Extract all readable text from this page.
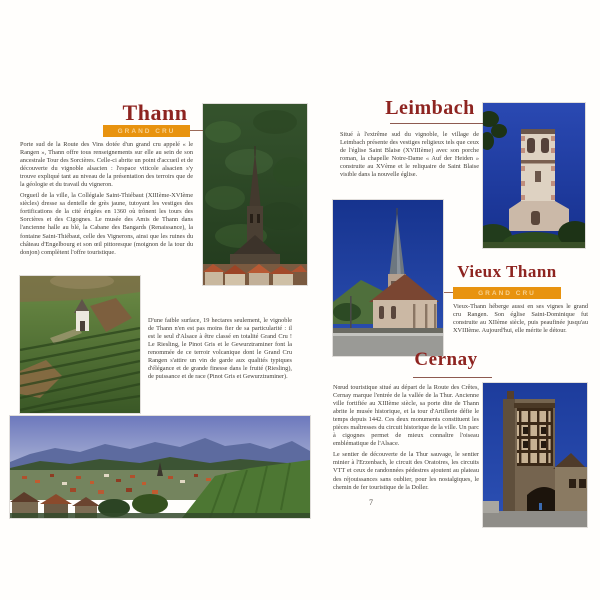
Thann
GRAND CRU

Porte sud de la Route des Vins dotée d'un grand cru appelé « le Rangen », Thann offre tous renseignements sur elle au sein de son ancestrale Tour des Sorcières. Celle-ci abrite un point d'accueil et de découverte du vignoble alsacien : l'espace viticole alsacien s'y trouve expliqué tant au niveau de la présentation des terroirs que de la géologie et du travail du vigneron.

Orgueil de la ville, la Collégiale Saint-Thiébaut (XIIIème-XVIème siècles) dresse sa dentelle de grès jaune, tutoyant les vestiges des fortifications de la cité érigées en 1360 où trônent les tours des Sorcières et des Cigognes. Le musée des Amis de Thann dans l'ancienne halle au blé, la Cabane des Bangards (Renaissance), la fontaine Saint-Thiébaut, celle des Vignerons, ainsi que les ruines du château d'Engelbourg et son œil pittoresque (moignon de la tour du donjon) complètent l'offre touristique.

D'une faible surface, 19 hectares seulement, le vignoble de Thann n'en est pas moins fier de sa particularité : il est le seul d'Alsace à être classé en totalité Grand Cru ! Le Riesling, le Pinot Gris et le Gewurztraminer font la renommée de ce terroir volcanique dont le Grand Cru Rangen s'attire un vin de garde aux qualités typiques d'élégance et de grande finesse dans le fruité (Riesling), de puissance et de race (Pinot Gris et Gewurztraminer).

Leimbach

Situé à l'extrême sud du vignoble, le village de Leimbach présente des vestiges religieux tels que ceux de l'église Saint Blaise (XVIIIème) avec son porche roman, la chapelle Notre-Dame « Auf der Heiden » construite au XVème et le reliquaire de Saint Blaise visible dans la nouvelle église.

Vieux Thann
GRAND CRU

Vieux-Thann héberge aussi en ses vignes le grand cru Rangen. Son église Saint-Dominique fut construite au XIIème siècle, puis peaufinée jusqu'au XVIIIème. Aujourd'hui, elle mérite le détour.

Cernay

Nœud touristique situé au départ de la Route des Crêtes, Cernay marque l'entrée de la vallée de la Thur. Ancienne ville fortifiée au XIIIème siècle, sa porte dite de Thann abrite le musée historique, et la tour d'Artillerie défie le temps depuis 1442. Ces deux monuments constituent les pièces maîtresses du circuit historique de la ville. Un parc à cigognes permet de mieux connaître l'oiseau emblématique de l'Alsace.

Le sentier de découverte de la Thur sauvage, le sentier minier à l'Erzenbach, le circuit des Oratoires, les circuits VTT et ceux de randonnées pédestres ajoutent au plateau des réjouissances sans oublier, pour les nostalgiques, le chemin de fer touristique de la Doller.

7
